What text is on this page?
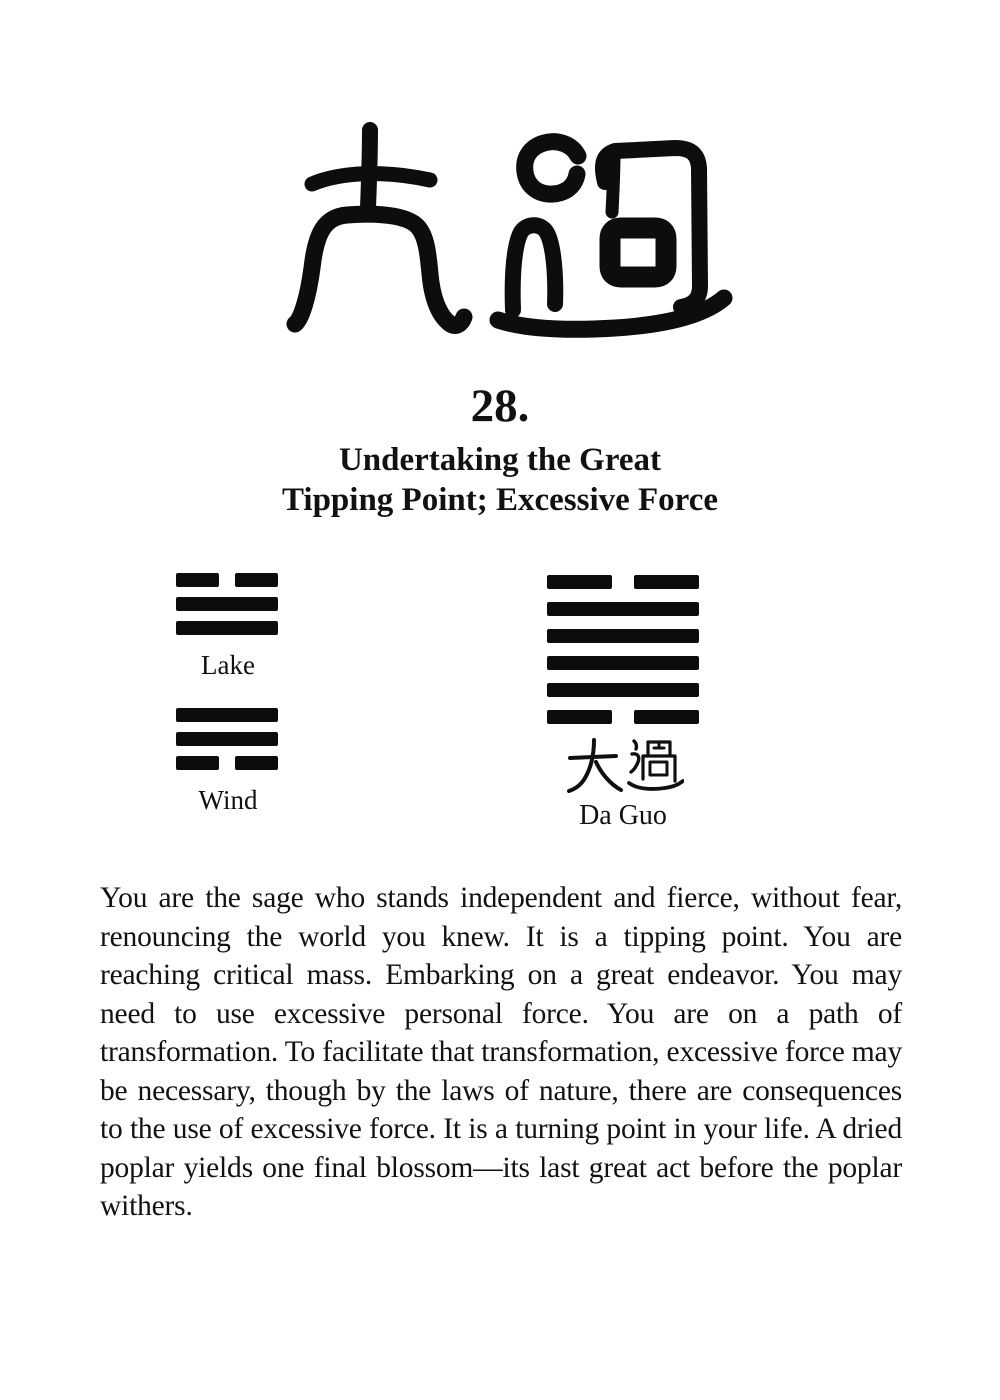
28.
Undertaking the Great
Tipping Point; Excessive Force
Lake
Wind	Da Guo

You are the sage who stands independent and fierce, without fear, renouncing the world you knew. It is a tipping point. You are reaching critical mass. Embarking on a great endeavor. You may need to use excessive personal force. You are on a path of transformation. To facilitate that transformation, excessive force may be necessary, though by the laws of nature, there are consequences to the use of excessive force. It is a turning point in your life. A dried poplar yields one final blossom—its last great act before the poplar withers.
